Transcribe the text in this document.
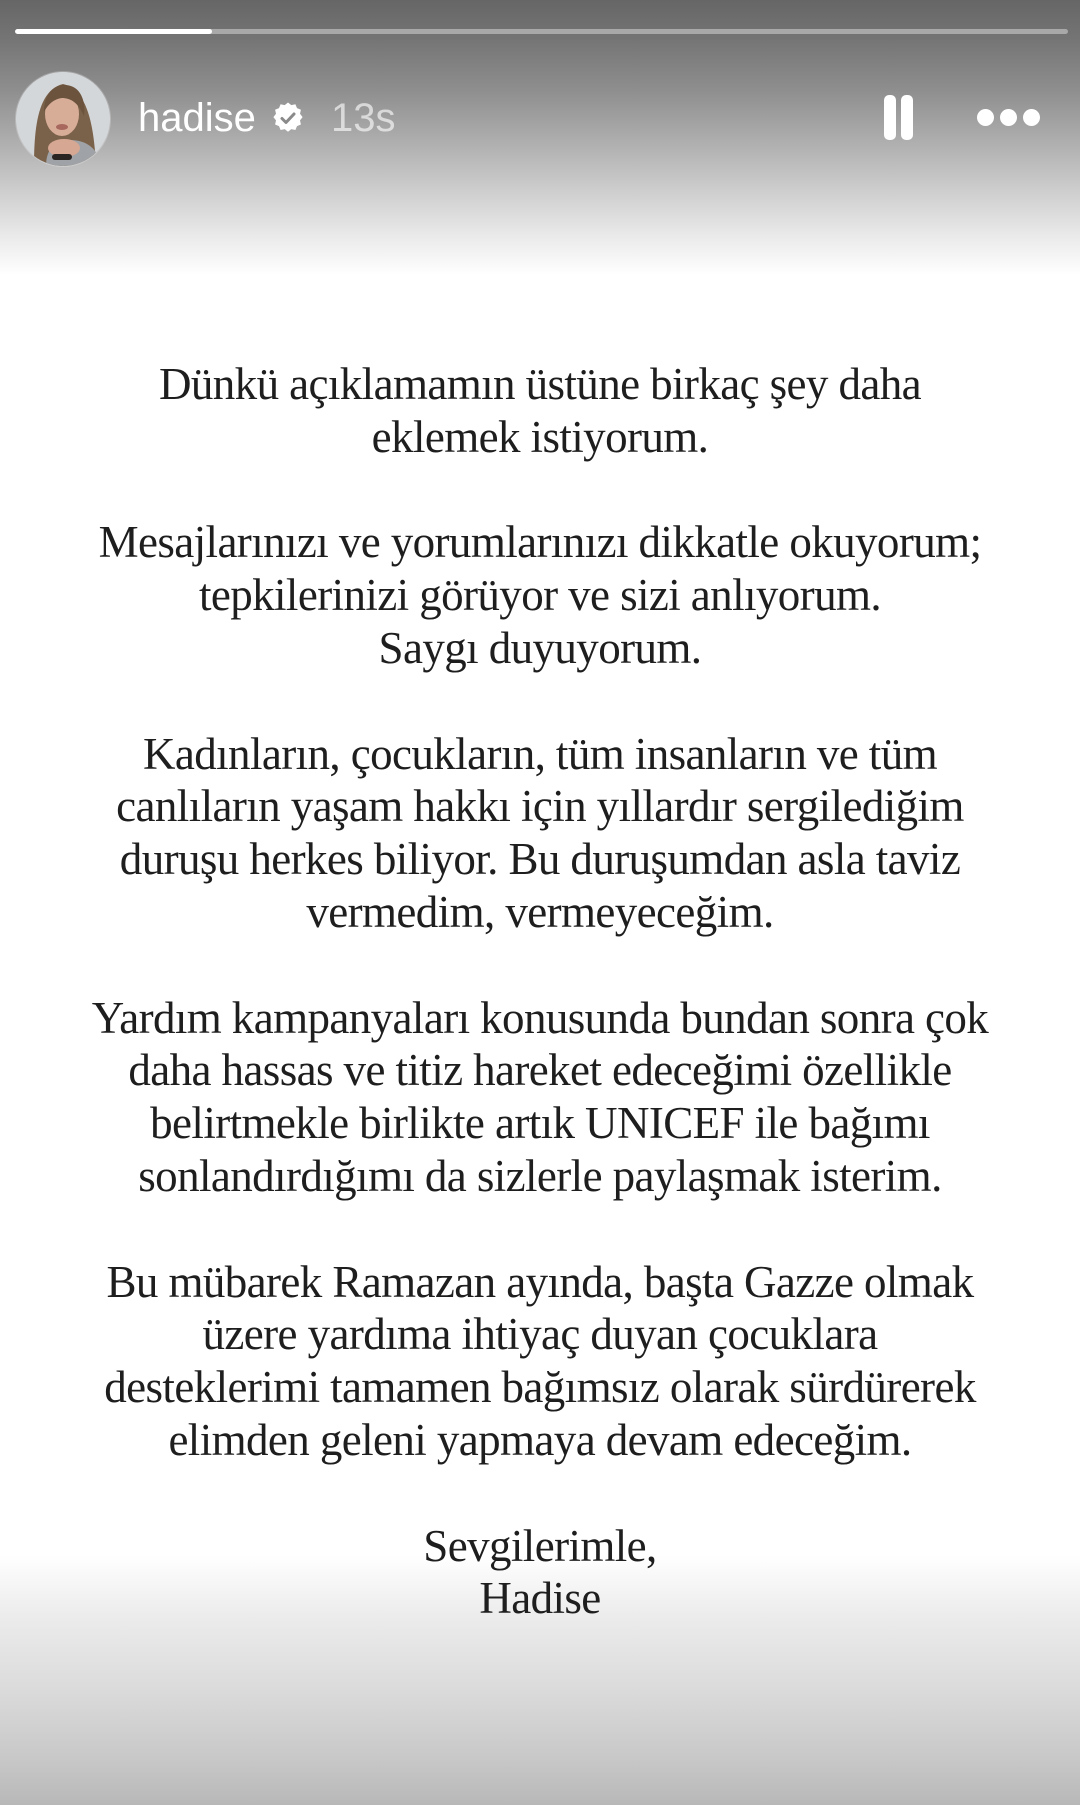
hadise 13s
Dünkü açıklamamın üstüne birkaç şey daha
eklemek istiyorum.
Mesajlarınızı ve yorumlarınızı dikkatle okuyorum;
tepkilerinizi görüyor ve sizi anlıyorum.
Saygı duyuyorum.
Kadınların, çocukların, tüm insanların ve tüm
canlıların yaşam hakkı için yıllardır sergilediğim
duruşu herkes biliyor. Bu duruşumdan asla taviz
vermedim, vermeyeceğim.
Yardım kampanyaları konusunda bundan sonra çok
daha hassas ve titiz hareket edeceğimi özellikle
belirtmekle birlikte artık UNICEF ile bağımı
sonlandırdığımı da sizlerle paylaşmak isterim.
Bu mübarek Ramazan ayında, başta Gazze olmak
üzere yardıma ihtiyaç duyan çocuklara
desteklerimi tamamen bağımsız olarak sürdürerek
elimden geleni yapmaya devam edeceğim.
Sevgilerimle,
Hadise
